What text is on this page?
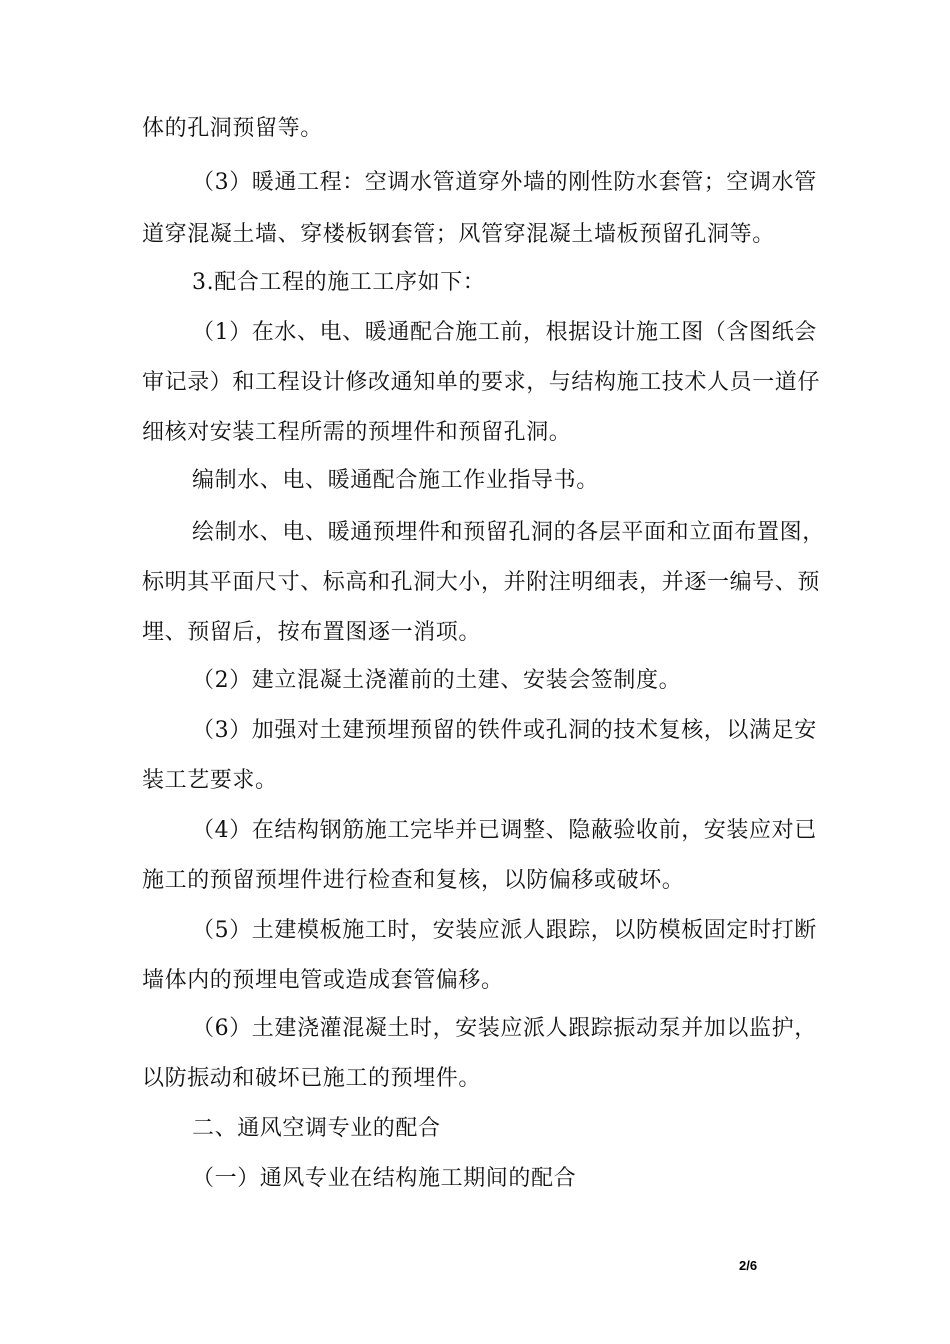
体的孔洞预留等。
（3）暖通工程：空调水管道穿外墙的刚性防水套管；空调水管
道穿混凝土墙、穿楼板钢套管；风管穿混凝土墙板预留孔洞等。
3.配合工程的施工工序如下：
（1）在水、电、暖通配合施工前，根据设计施工图（含图纸会
审记录）和工程设计修改通知单的要求，与结构施工技术人员一道仔
细核对安装工程所需的预埋件和预留孔洞。
编制水、电、暖通配合施工作业指导书。
绘制水、电、暖通预埋件和预留孔洞的各层平面和立面布置图，
标明其平面尺寸、标高和孔洞大小，并附注明细表，并逐一编号、预
埋、预留后，按布置图逐一消项。
（2）建立混凝土浇灌前的土建、安装会签制度。
（3）加强对土建预埋预留的铁件或孔洞的技术复核，以满足安
装工艺要求。
（4）在结构钢筋施工完毕并已调整、隐蔽验收前，安装应对已
施工的预留预埋件进行检查和复核，以防偏移或破坏。
（5）土建模板施工时，安装应派人跟踪，以防模板固定时打断
墙体内的预埋电管或造成套管偏移。
（6）土建浇灌混凝土时，安装应派人跟踪振动泵并加以监护，
以防振动和破坏已施工的预埋件。
二、通风空调专业的配合
（一）通风专业在结构施工期间的配合
2/6
